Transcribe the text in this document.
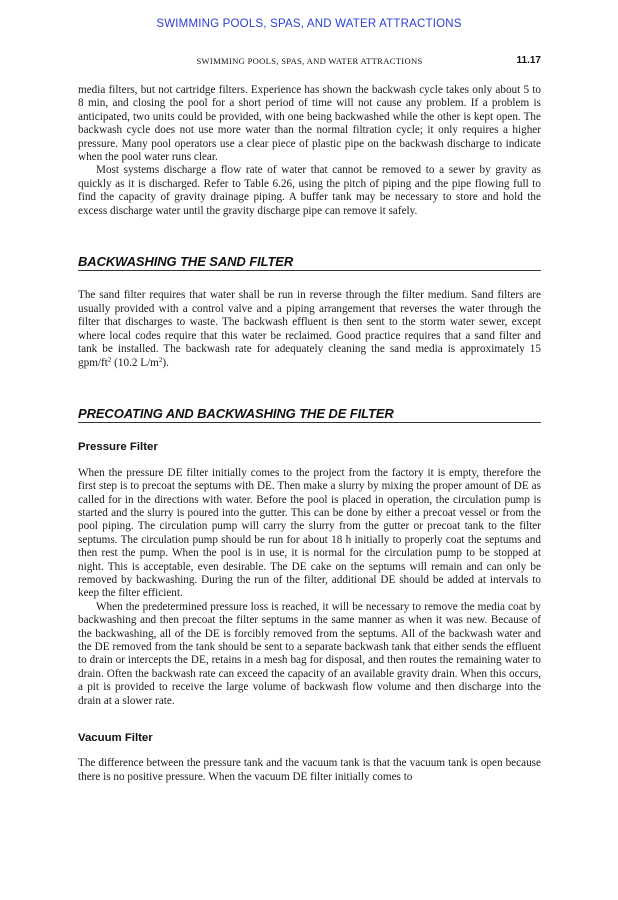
SWIMMING POOLS, SPAS, AND WATER ATTRACTIONS
SWIMMING POOLS, SPAS, AND WATER ATTRACTIONS	11.17

media filters, but not cartridge filters. Experience has shown the backwash cycle takes only about 5 to 8 min, and closing the pool for a short period of time will not cause any problem. If a problem is anticipated, two units could be provided, with one being backwashed while the other is kept open. The backwash cycle does not use more water than the normal filtration cycle; it only requires a higher pressure. Many pool operators use a clear piece of plastic pipe on the backwash discharge to indicate when the pool water runs clear.

Most systems discharge a flow rate of water that cannot be removed to a sewer by gravity as quickly as it is discharged. Refer to Table 6.26, using the pitch of piping and the pipe flowing full to find the capacity of gravity drainage piping. A buffer tank may be necessary to store and hold the excess discharge water until the gravity discharge pipe can remove it safely.

BACKWASHING THE SAND FILTER

The sand filter requires that water shall be run in reverse through the filter medium. Sand filters are usually provided with a control valve and a piping arrangement that reverses the water through the filter that discharges to waste. The backwash effluent is then sent to the storm water sewer, except where local codes require that this water be reclaimed. Good practice requires that a sand filter and tank be installed. The backwash rate for adequately cleaning the sand media is approximately 15 gpm/$ft^2$ (10.2 $L/m^2$).

PRECOATING AND BACKWASHING THE DE FILTER
Pressure Filter

When the pressure DE filter initially comes to the project from the factory it is empty, therefore the first step is to precoat the septums with DE. Then make a slurry by mixing the proper amount of DE as called for in the directions with water. Before the pool is placed in operation, the circulation pump is started and the slurry is poured into the gutter. This can be done by either a precoat vessel or from the pool piping. The circulation pump will carry the slurry from the gutter or precoat tank to the filter septums. The circulation pump should be run for about 18 h initially to properly coat the septums and then rest the pump. When the pool is in use, it is normal for the circulation pump to be stopped at night. This is acceptable, even desirable. The DE cake on the septums will remain and can only be removed by backwashing. During the run of the filter, additional DE should be added at intervals to keep the filter efficient.

When the predetermined pressure loss is reached, it will be necessary to remove the media coat by backwashing and then precoat the filter septums in the same manner as when it was new. Because of the backwashing, all of the DE is forcibly removed from the septums. All of the backwash water and the DE removed from the tank should be sent to a separate backwash tank that either sends the effluent to drain or intercepts the DE, retains in a mesh bag for disposal, and then routes the remaining water to drain. Often the backwash rate can exceed the capacity of an available gravity drain. When this occurs, a pit is provided to receive the large volume of backwash flow volume and then discharge into the drain at a slower rate.

Vacuum Filter

The difference between the pressure tank and the vacuum tank is that the vacuum tank is open because there is no positive pressure. When the vacuum DE filter initially comes to
